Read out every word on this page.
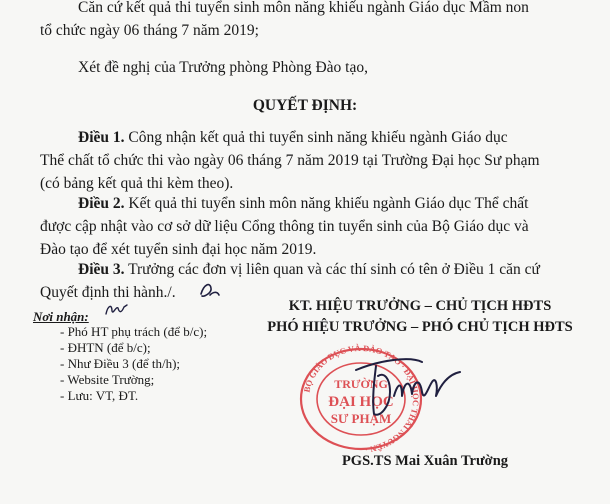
Căn cứ kết quả thi tuyển sinh môn năng khiếu ngành Giáo dục Mầm non
tổ chức ngày 06 tháng 7 năm 2019;
Xét đề nghị của Trưởng phòng Phòng Đào tạo,
QUYẾT ĐỊNH:
Điều 1. Công nhận kết quả thi tuyển sinh năng khiếu ngành Giáo dục
Thể chất tổ chức thi vào ngày 06 tháng 7 năm 2019 tại Trường Đại học Sư phạm
(có bảng kết quả thi kèm theo).
Điều 2. Kết quả thi tuyển sinh môn năng khiếu ngành Giáo dục Thể chất
được cập nhật vào cơ sở dữ liệu Cổng thông tin tuyển sinh của Bộ Giáo dục và
Đào tạo để xét tuyển sinh đại học năm 2019.
Điều 3. Trưởng các đơn vị liên quan và các thí sinh có tên ở Điều 1 căn cứ
Quyết định thi hành./.
Nơi nhận:
- Phó HT phụ trách (để b/c);
- ĐHTN (để b/c);
- Như Điều 3 (để th/h);
- Website Trường;
- Lưu: VT, ĐT.
KT. HIỆU TRƯỞNG – CHỦ TỊCH HĐTS
PHÓ HIỆU TRƯỞNG – PHÓ CHỦ TỊCH HĐTS
BỘ GIÁO DỤC VÀ ĐÀO TẠO · ĐẠI HỌC THÁI NGUYÊN ·
TRƯỜNG
ĐẠI HỌC
SƯ PHẠM
PGS.TS Mai Xuân Trường
